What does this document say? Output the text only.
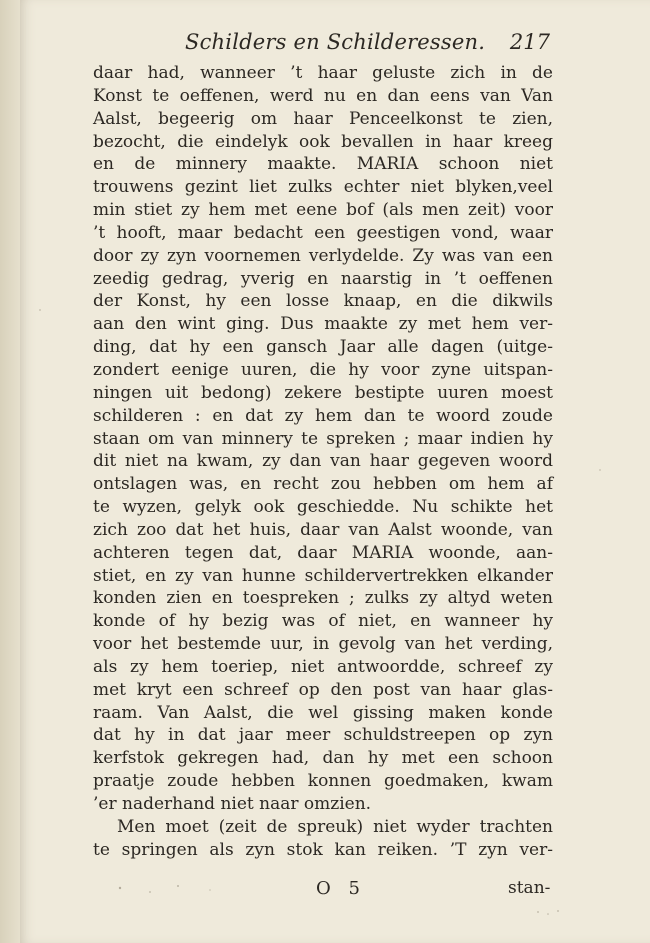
Schilders en Schilderessen. 217
daar had, wanneer ’t haar geluste zich in de
Konst te oeffenen, werd nu en dan eens van Van
Aalst, begeerig om haar Penceelkonst te zien,
bezocht, die eindelyk ook bevallen in haar kreeg
en de minnery maakte. MARIA schoon niet
trouwens gezint liet zulks echter niet blyken,veel
min stiet zy hem met eene bof (als men zeit) voor
’t hooft, maar bedacht een geestigen vond, waar
door zy zyn voornemen verlydelde. Zy was van een
zeedig gedrag, yverig en naarstig in ’t oeffenen
der Konst, hy een losse knaap, en die dikwils
aan den wint ging. Dus maakte zy met hem ver-
ding, dat hy een gansch Jaar alle dagen (uitge-
zondert eenige uuren, die hy voor zyne uitspan-
ningen uit bedong) zekere bestipte uuren moest
schilderen : en dat zy hem dan te woord zoude
staan om van minnery te spreken ; maar indien hy
dit niet na kwam, zy dan van haar gegeven woord
ontslagen was, en recht zou hebben om hem af
te wyzen, gelyk ook geschiedde. Nu schikte het
zich zoo dat het huis, daar van Aalst woonde, van
achteren tegen dat, daar MARIA woonde, aan-
stiet, en zy van hunne schildervertrekken elkander
konden zien en toespreken ; zulks zy altyd weten
konde of hy bezig was of niet, en wanneer hy
voor het bestemde uur, in gevolg van het verding,
als zy hem toeriep, niet antwoordde, schreef zy
met kryt een schreef op den post van haar glas-
raam. Van Aalst, die wel gissing maken konde
dat hy in dat jaar meer schuldstreepen op zyn
kerfstok gekregen had, dan hy met een schoon
praatje zoude hebben konnen goedmaken, kwam
’er naderhand niet naar omzien.
Men moet (zeit de spreuk) niet wyder trachten
te springen als zyn stok kan reiken. ’T zyn ver-
O 5	stan-
